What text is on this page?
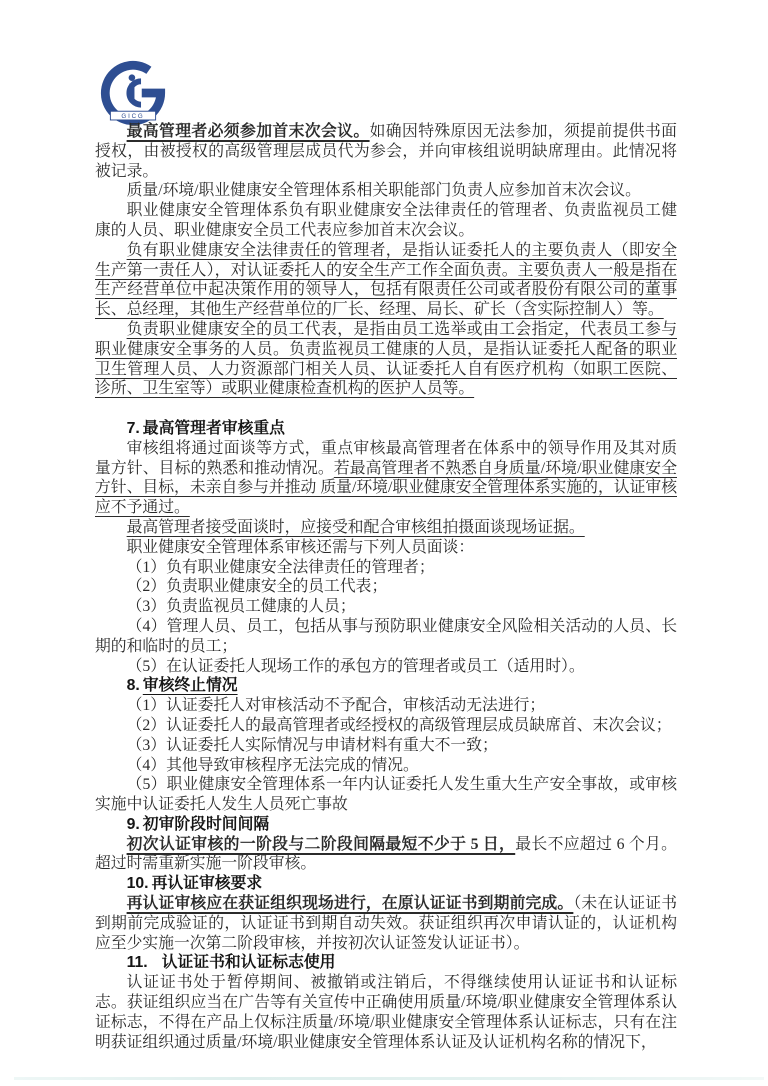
GICG

最高管理者必须参加首末次会议。如确因特殊原因无法参加，须提前提供书面授权，由被授权的高级管理层成员代为参会，并向审核组说明缺席理由。此情况将被记录。

质量/环境/职业健康安全管理体系相关职能部门负责人应参加首末次会议。

职业健康安全管理体系负有职业健康安全法律责任的管理者、负责监视员工健康的人员、职业健康安全员工代表应参加首末次会议。

负有职业健康安全法律责任的管理者，是指认证委托人的主要负责人（即安全生产第一责任人），对认证委托人的安全生产工作全面负责。主要负责人一般是指在生产经营单位中起决策作用的领导人，包括有限责任公司或者股份有限公司的董事长、总经理，其他生产经营单位的厂长、经理、局长、矿长（含实际控制人）等。

负责职业健康安全的员工代表，是指由员工选举或由工会指定，代表员工参与职业健康安全事务的人员。负责监视员工健康的人员，是指认证委托人配备的职业卫生管理人员、人力资源部门相关人员、认证委托人自有医疗机构（如职工医院、诊所、卫生室等）或职业健康检查机构的医护人员等。

7. 最高管理者审核重点

审核组将通过面谈等方式，重点审核最高管理者在体系中的领导作用及其对质量方针、目标的熟悉和推动情况。若最高管理者不熟悉自身质量/环境/职业健康安全方针、目标，未亲自参与并推动 质量/环境/职业健康安全管理体系实施的，认证审核应不予通过。

最高管理者接受面谈时，应接受和配合审核组拍摄面谈现场证据。

职业健康安全管理体系审核还需与下列人员面谈：

（1）负有职业健康安全法律责任的管理者；

（2）负责职业健康安全的员工代表；

（3）负责监视员工健康的人员；

（4）管理人员、员工，包括从事与预防职业健康安全风险相关活动的人员、长期的和临时的员工；

（5）在认证委托人现场工作的承包方的管理者或员工（适用时）。

8. 审核终止情况

（1）认证委托人对审核活动不予配合，审核活动无法进行；

（2）认证委托人的最高管理者或经授权的高级管理层成员缺席首、末次会议；

（3）认证委托人实际情况与申请材料有重大不一致；

（4）其他导致审核程序无法完成的情况。

（5）职业健康安全管理体系一年内认证委托人发生重大生产安全事故，或审核实施中认证委托人发生人员死亡事故

9. 初审阶段时间间隔

初次认证审核的一阶段与二阶段间隔最短不少于 5 日，最长不应超过 6 个月。超过时需重新实施一阶段审核。

10. 再认证审核要求

再认证审核应在获证组织现场进行，在原认证证书到期前完成。（未在认证证书到期前完成验证的，认证证书到期自动失效。获证组织再次申请认证的，认证机构应至少实施一次第二阶段审核，并按初次认证签发认证证书）。

11. 认证证书和认证标志使用

认证证书处于暂停期间、被撤销或注销后，不得继续使用认证证书和认证标志。获证组织应当在广告等有关宣传中正确使用质量/环境/职业健康安全管理体系认证标志，不得在产品上仅标注质量/环境/职业健康安全管理体系认证标志，只有在注明获证组织通过质量/环境/职业健康安全管理体系认证及认证机构名称的情况下，
